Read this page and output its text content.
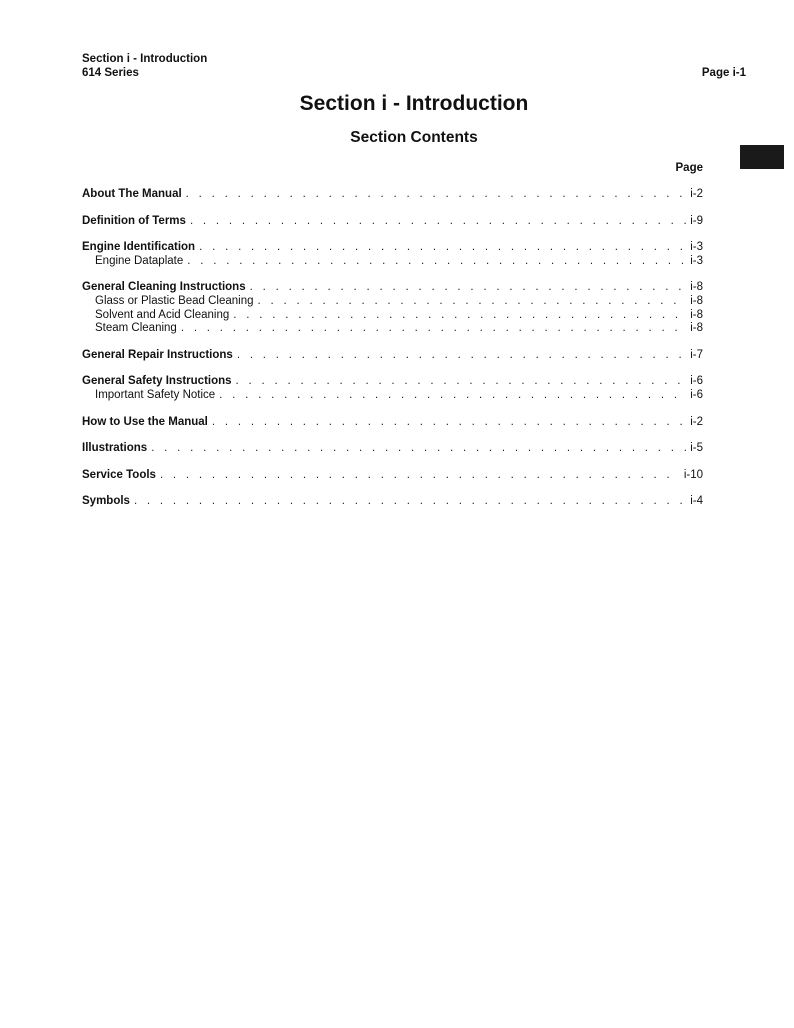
Section i - Introduction
614 Series	Page i-1
Section i - Introduction
Section Contents
Page
About The Manual . . .	i-2
Definition of Terms . . .	i-9
Engine Identification . . .	i-3
Engine Dataplate . . .	i-3
General Cleaning Instructions . . .	i-8
Glass or Plastic Bead Cleaning . . .	i-8
Solvent and Acid Cleaning . . .	i-8
Steam Cleaning . . .	i-8
General Repair Instructions . . .	i-7
General Safety Instructions . . .	i-6
Important Safety Notice . . .	i-6
How to Use the Manual . . .	i-2
Illustrations . . .	i-5
Service Tools . . .	i-10
Symbols . . .	i-4
